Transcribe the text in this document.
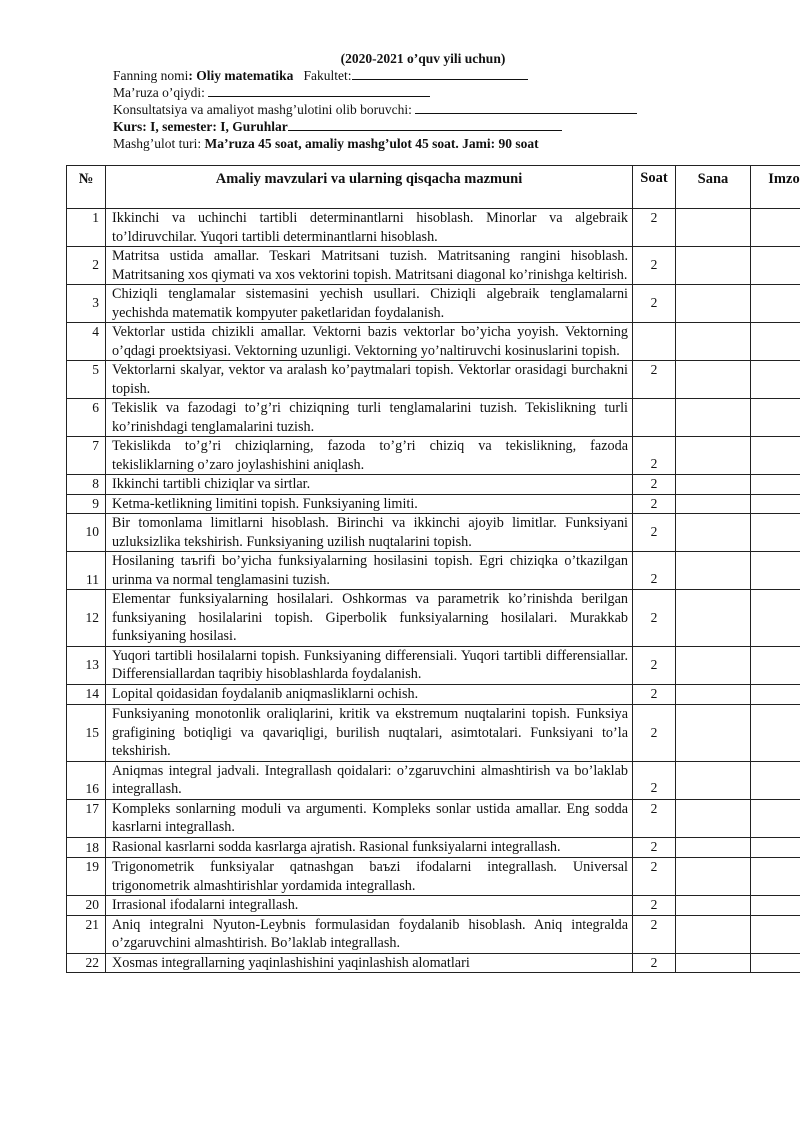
(2020-2021 o’quv yili uchun)
Fanning nomi: Oliy matematika Fakultet:
Ma’ruza o’qiydi:
Konsultatsiya va amaliyot mashg’ulotini olib boruvchi:
Kurs: I, semester: I, Guruhlar
Mashg’ulot turi: Ma’ruza 45 soat, amaliy mashg’ulot 45 soat. Jami: 90 soat
№	Amaliy mavzulari va ularning qisqacha mazmuni	Soat	Sana	Imzo
1	Ikkinchi va uchinchi tartibli determinantlarni hisoblash. Minorlar va algebraik to’ldiruvchilar. Yuqori tartibli determinantlarni hisoblash.	2		
2	Matritsa ustida amallar. Teskari Matritsani tuzish. Matritsaning rangini hisoblash. Matritsaning xos qiymati va xos vektorini topish. Matritsani diagonal ko’rinishga keltirish.	2		
3	Chiziqli tenglamalar sistemasini yechish usullari. Chiziqli algebraik tenglamalarni yechishda matematik kompyuter paketlaridan foydalanish.	2		
4	Vektorlar ustida chizikli amallar. Vektorni bazis vektorlar bo’yicha yoyish. Vektorning o’qdagi proektsiyasi. Vektorning uzunligi. Vektorning yo’naltiruvchi kosinuslarini topish.			
5	Vektorlarni skalyar, vektor va aralash ko’paytmalari topish. Vektorlar orasidagi burchakni topish.	2		
6	Tekislik va fazodagi to’g’ri chiziqning turli tenglamalarini tuzish. Tekislikning turli ko’rinishdagi tenglamalarini tuzish.			
7	Tekislikda to’g’ri chiziqlarning, fazoda to’g’ri chiziq va tekislikning, fazoda tekisliklarning o’zaro joylashishini aniqlash.	2		
8	Ikkinchi tartibli chiziqlar va sirtlar.	2		
9	Ketma-ketlikning limitini topish. Funksiyaning limiti.	2		
10	Bir tomonlama limitlarni hisoblash. Birinchi va ikkinchi ajoyib limitlar. Funksiyani uzluksizlika tekshirish. Funksiyaning uzilish nuqtalarini topish.	2		
11	Hosilaning taъrifi bo’yicha funksiyalarning hosilasini topish. Egri chiziqka o’tkazilgan urinma va normal tenglamasini tuzish.	2		
12	Elementar funksiyalarning hosilalari. Oshkormas va parametrik ko’rinishda berilgan funksiyaning hosilalarini topish. Giperbolik funksiyalarning hosilalari. Murakkab funksiyaning hosilasi.	2		
13	Yuqori tartibli hosilalarni topish. Funksiyaning differensiali. Yuqori tartibli differensiallar. Differensiallardan taqribiy hisoblashlarda foydalanish.	2		
14	Lopital qoidasidan foydalanib aniqmasliklarni ochish.	2		
15	Funksiyaning monotonlik oraliqlarini, kritik va ekstremum nuqtalarini topish. Funksiya grafigining botiqligi va qavariqligi, burilish nuqtalari, asimtotalari. Funksiyani to’la tekshirish.	2		
16	Aniqmas integral jadvali. Integrallash qoidalari: o’zgaruvchini almashtirish va bo’laklab integrallash.	2		
17	Kompleks sonlarning moduli va argumenti. Kompleks sonlar ustida amallar. Eng sodda kasrlarni integrallash.	2		
18	Rasional kasrlarni sodda kasrlarga ajratish. Rasional funksiyalarni integrallash.	2		
19	Trigonometrik funksiyalar qatnashgan baъzi ifodalarni integrallash. Universal trigonometrik almashtirishlar yordamida integrallash.	2		
20	Irrasional ifodalarni integrallash.	2		
21	Aniq integralni Nyuton-Leybnis formulasidan foydalanib hisoblash. Aniq integralda o’zgaruvchini almashtirish. Bo’laklab integrallash.	2		
22	Xosmas integrallarning yaqinlashishini yaqinlashish alomatlari	2		
